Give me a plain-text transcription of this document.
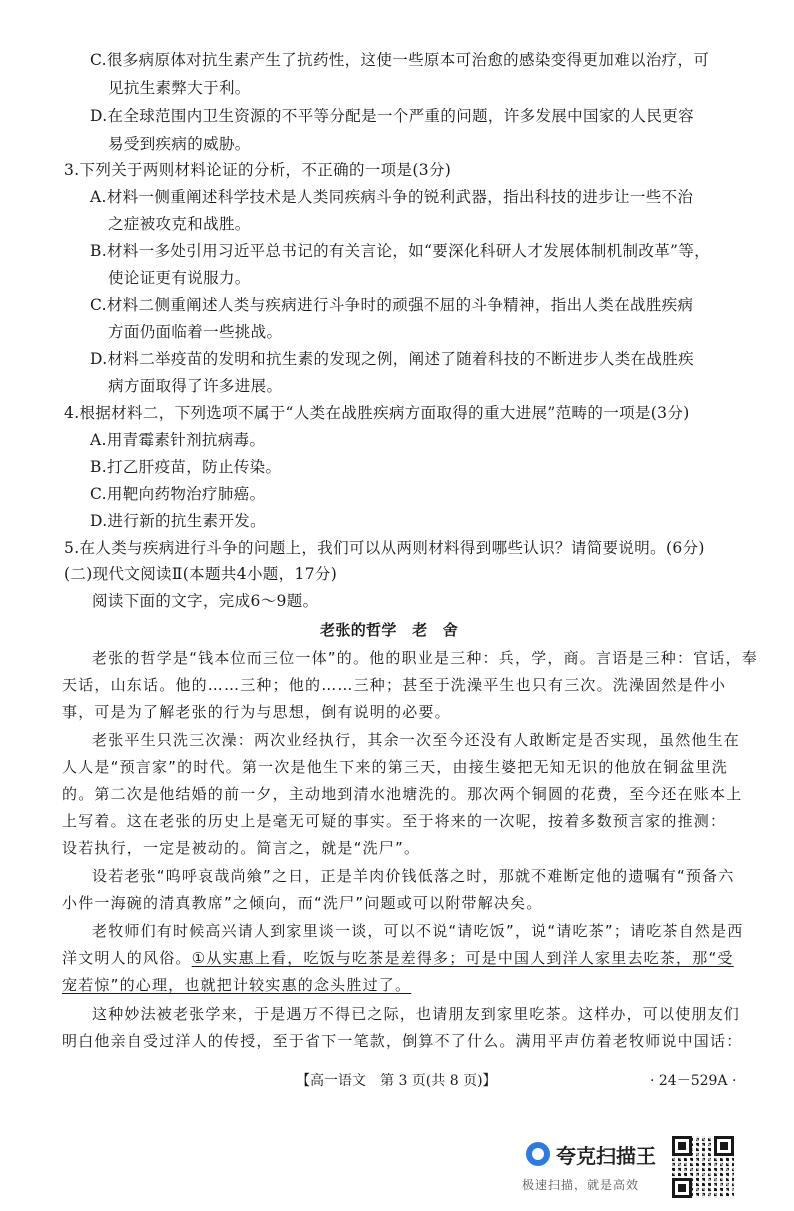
C.很多病原体对抗生素产生了抗药性，这使一些原本可治愈的感染变得更加难以治疗，可
见抗生素弊大于利。
D.在全球范围内卫生资源的不平等分配是一个严重的问题，许多发展中国家的人民更容
易受到疾病的威胁。
3.下列关于两则材料论证的分析，不正确的一项是(3分)
A.材料一侧重阐述科学技术是人类同疾病斗争的锐利武器，指出科技的进步让一些不治
之症被攻克和战胜。
B.材料一多处引用习近平总书记的有关言论，如“要深化科研人才发展体制机制改革”等，
使论证更有说服力。
C.材料二侧重阐述人类与疾病进行斗争时的顽强不屈的斗争精神，指出人类在战胜疾病
方面仍面临着一些挑战。
D.材料二举疫苗的发明和抗生素的发现之例，阐述了随着科技的不断进步人类在战胜疾
病方面取得了许多进展。
4.根据材料二，下列选项不属于“人类在战胜疾病方面取得的重大进展”范畴的一项是(3分)
A.用青霉素针剂抗病毒。
B.打乙肝疫苗，防止传染。
C.用靶向药物治疗肺癌。
D.进行新的抗生素开发。
5.在人类与疾病进行斗争的问题上，我们可以从两则材料得到哪些认识？请简要说明。(6分)
(二)现代文阅读Ⅱ(本题共4小题，17分)
阅读下面的文字，完成6～9题。
老张的哲学　老　舍
老张的哲学是“钱本位而三位一体”的。他的职业是三种：兵，学，商。言语是三种：官话，奉
天话，山东话。他的……三种；他的……三种；甚至于洗澡平生也只有三次。洗澡固然是件小
事，可是为了解老张的行为与思想，倒有说明的必要。
老张平生只洗三次澡：两次业经执行，其余一次至今还没有人敢断定是否实现，虽然他生在
人人是“预言家”的时代。第一次是他生下来的第三天，由接生婆把无知无识的他放在铜盆里洗
的。第二次是他结婚的前一夕，主动地到清水池塘洗的。那次两个铜圆的花费，至今还在账本上
上写着。这在老张的历史上是毫无可疑的事实。至于将来的一次呢，按着多数预言家的推测：
设若执行，一定是被动的。简言之，就是“洗尸”。
设若老张“呜呼哀哉尚飨”之日，正是羊肉价钱低落之时，那就不难断定他的遗嘱有“预备六
小件一海碗的清真教席”之倾向，而“洗尸”问题或可以附带解决矣。
老牧师们有时候高兴请人到家里谈一谈，可以不说“请吃饭”，说“请吃茶”；请吃茶自然是西
洋文明人的风俗。①从实惠上看，吃饭与吃茶是差得多；可是中国人到洋人家里去吃茶，那“受
宠若惊”的心理，也就把计较实惠的念头胜过了。
这种妙法被老张学来，于是遇万不得已之际，也请朋友到家里吃茶。这样办，可以使朋友们
明白他亲自受过洋人的传授，至于省下一笔款，倒算不了什么。满用平声仿着老牧师说中国话：
【高一语文　第 3 页(共 8 页)】	· 24－529A ·
夸克扫描王
极速扫描，就是高效
